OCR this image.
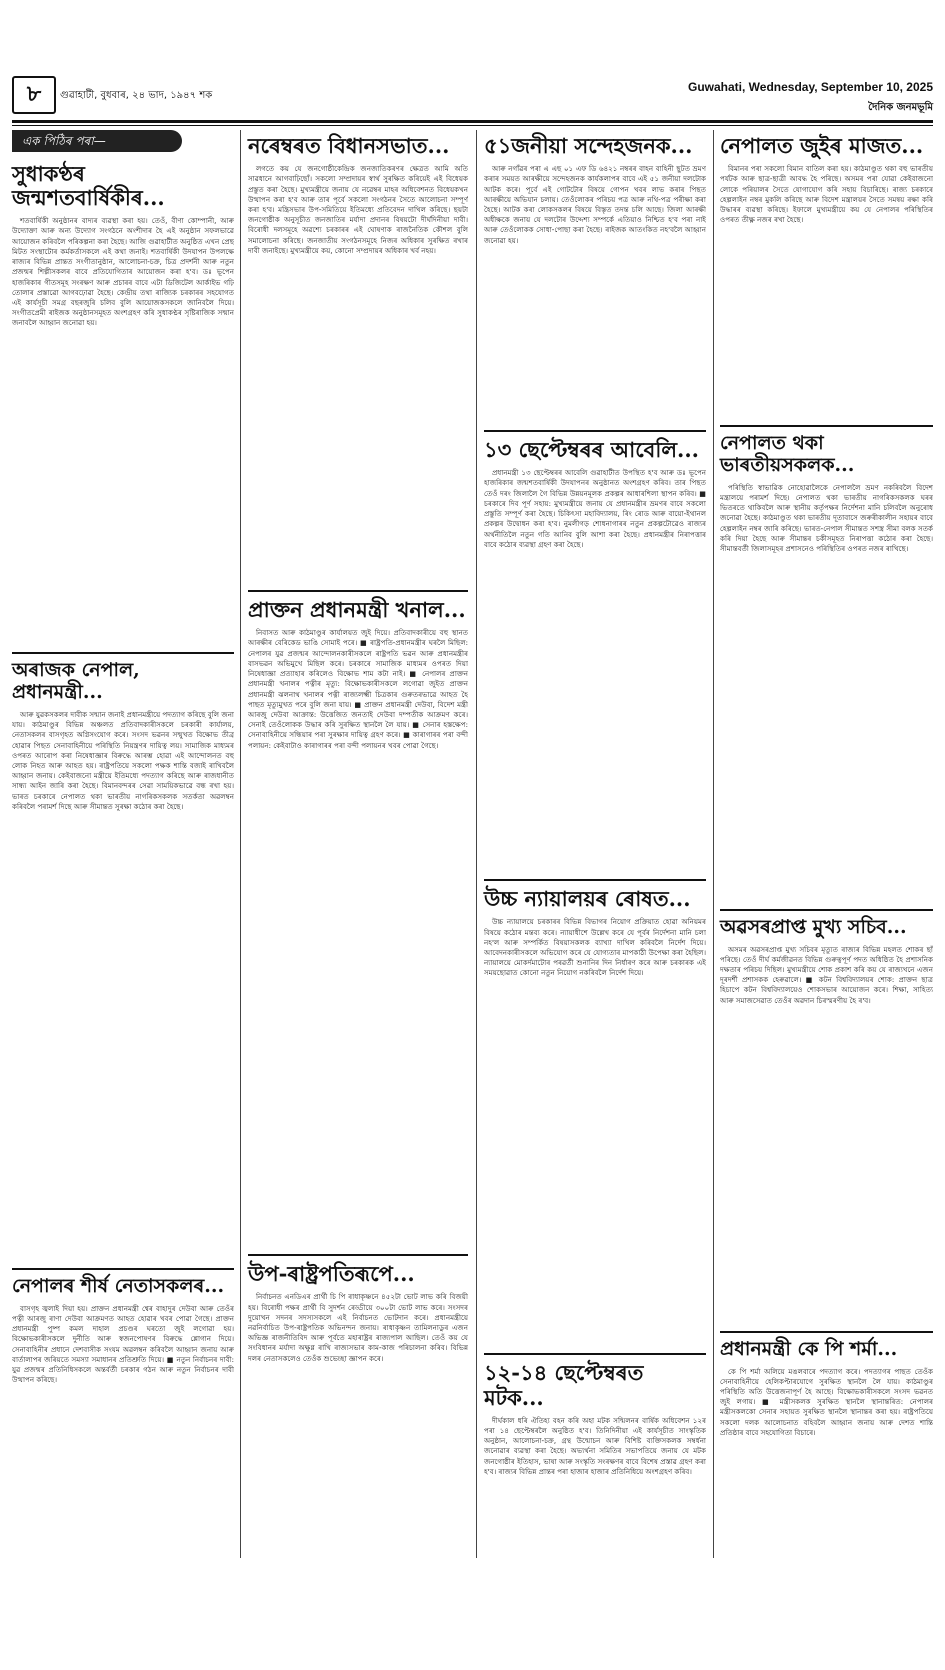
৮	গুৱাহাটী, বুধবাৰ, ২৪ ভাদ, ১৯৪৭ শক
Guwahati, Wednesday, September 10, 2025
দৈনিক জনমভূমি
এক পিঠিৰ পৰা—
সুধাকণ্ঠৰ জন্মশতবাৰ্ষিকীৰ...

শতবাৰ্ষিকী অনুষ্ঠানৰ বাদ্যৰ ব্যৱস্থা কৰা হয়। তেওঁ, বীণা কোম্পানী, আৰু উদ্যোক্তা আৰু অন্য উদ্যোগ সংগঠনে অংশীদাৰ হৈ এই অনুষ্ঠান সফলভাৱে আয়োজন কৰিবলৈ পৰিকল্পনা কৰা হৈছে। আজি গুৱাহাটীত অনুষ্ঠিত এখন প্ৰেছ মিটত সংস্থাটোৰ কৰ্মকৰ্তাসকলে এই কথা জনাই। শতবাৰ্ষিকী উদযাপন উপলক্ষে ৰাজ্যৰ বিভিন্ন প্ৰান্তত সংগীতানুষ্ঠান, আলোচনা-চক্ৰ, চিত্ৰ প্ৰদৰ্শনী আৰু নতুন প্ৰজন্মৰ শিল্পীসকলৰ বাবে প্ৰতিযোগিতাৰ আয়োজন কৰা হ'ব। ডঃ ভূপেন হাজৰিকাৰ গীতসমূহ সংৰক্ষণ আৰু প্ৰচাৰৰ বাবে এটা ডিজিটেল আৰ্কাইভ গঢ়ি তোলাৰ প্ৰস্তাৱো আগবঢ়োৱা হৈছে। কেন্দ্ৰীয় তথা ৰাজ্যিক চৰকাৰৰ সহযোগত এই কাৰ্যসূচী সমগ্ৰ বছৰজুৰি চলিব বুলি আয়োজকসকলে জানিবলৈ দিয়ে। সংগীতপ্ৰেমী ৰাইজক অনুষ্ঠানসমূহত অংশগ্ৰহণ কৰি সুধাকণ্ঠৰ সৃষ্টিৰাজিক সন্মান জনাবলৈ আহ্বান জনোৱা হয়।

অৰাজক নেপাল, প্ৰধানমন্ত্ৰী...

আৰু যুৱকসকলৰ দাবীক সন্মান জনাই প্ৰধানমন্ত্ৰীয়ে পদত্যাগ কৰিছে বুলি জনা যায়। কাঠমাণ্ডুৰ বিভিন্ন অঞ্চলত প্ৰতিবাদকাৰীসকলে চৰকাৰী কাৰ্যালয়, নেতাসকলৰ বাসগৃহত অগ্নিসংযোগ কৰে। সংসদ ভৱনৰ সন্মুখত বিক্ষোভ তীব্ৰ হোৱাৰ পিছত সেনাবাহিনীয়ে পৰিস্থিতি নিয়ন্ত্ৰণৰ দায়িত্ব লয়। সামাজিক মাধ্যমৰ ওপৰত আৰোপ কৰা নিষেধাজ্ঞাৰ বিৰুদ্ধে আৰম্ভ হোৱা এই আন্দোলনত বহু লোক নিহত আৰু আহত হয়। ৰাষ্ট্ৰপতিয়ে সকলো পক্ষক শান্তি বজাই ৰাখিবলৈ আহ্বান জনায়। কেইবাজনো মন্ত্ৰীয়ে ইতিমধ্যে পদত্যাগ কৰিছে আৰু ৰাজধানীত সান্ধ্য আইন জাৰি কৰা হৈছে। বিমানবন্দৰৰ সেৱা সাময়িকভাৱে বন্ধ ৰখা হয়। ভাৰত চৰকাৰে নেপালত থকা ভাৰতীয় নাগৰিকসকলক সতৰ্কতা অৱলম্বন কৰিবলৈ পৰামৰ্শ দিছে আৰু সীমান্তত সুৰক্ষা কঠোৰ কৰা হৈছে।

নেপালৰ শীৰ্ষ নেতাসকলৰ...

বাসগৃহ জ্বলাই দিয়া হয়। প্ৰাক্তন প্ৰধানমন্ত্ৰী শ্বেৰ বাহাদুৰ দেউবা আৰু তেওঁৰ পত্নী আৰজু ৰাণা দেউবা আক্ৰমণত আহত হোৱাৰ খবৰ পোৱা গৈছে। প্ৰাক্তন প্ৰধানমন্ত্ৰী পুষ্প কমল দাহাল প্ৰচণ্ডৰ ঘৰতো জুই লগোৱা হয়। বিক্ষোভকাৰীসকলে দুৰ্নীতি আৰু স্বজনপোষণৰ বিৰুদ্ধে শ্লোগান দিয়ে। সেনাবাহিনীৰ প্ৰধানে দেশবাসীক সংযম অৱলম্বন কৰিবলৈ আহ্বান জনায় আৰু বাৰ্তালাপৰ জৰিয়তে সমস্যা সমাধানৰ প্ৰতিশ্ৰুতি দিয়ে। ■ নতুন নিৰ্বাচনৰ দাবী: যুৱ প্ৰজন্মৰ প্ৰতিনিধিসকলে অন্তৰ্বৰ্তী চৰকাৰ গঠন আৰু নতুন নিৰ্বাচনৰ দাবী উত্থাপন কৰিছে।

নৰেম্বৰত বিধানসভাত...

লগতে কয় যে জনগোষ্ঠীকেন্দ্ৰিক জনজাতিকৰণৰ ক্ষেত্ৰত আমি অতি সাৱধানে আগবাঢ়িছোঁ। সকলো সম্প্ৰদায়ৰ স্বাৰ্থ সুৰক্ষিত কৰিয়েই এই বিধেয়ক প্ৰস্তুত কৰা হৈছে। মুখ্যমন্ত্ৰীয়ে জনায় যে নৱেম্বৰ মাহৰ অধিবেশনত বিধেয়কখন উত্থাপন কৰা হ'ব আৰু তাৰ পূৰ্বে সকলো সংগঠনৰ সৈতে আলোচনা সম্পূৰ্ণ কৰা হ'ব। মন্ত্ৰিসভাৰ উপ-সমিতিয়ে ইতিমধ্যে প্ৰতিবেদন দাখিল কৰিছে। ছয়টা জনগোষ্ঠীক অনুসূচীত জনজাতিৰ মৰ্যাদা প্ৰদানৰ বিষয়টো দীৰ্ঘদিনীয়া দাবী। বিৰোধী দলসমূহে অৱশ্যে চৰকাৰৰ এই ঘোষণাক ৰাজনৈতিক কৌশল বুলি সমালোচনা কৰিছে। জনজাতীয় সংগঠনসমূহে নিজৰ অধিকাৰ সুৰক্ষিত ৰখাৰ দাবী জনাইছে। মুখ্যমন্ত্ৰীয়ে কয়, কোনো সম্প্ৰদায়ৰ অধিকাৰ খৰ্ব নহয়।

প্ৰাক্তন প্ৰধানমন্ত্ৰী খনাল...

নিবাসত আৰু কাঠমাণ্ডুৰ কাৰ্যালয়ত জুই দিয়ে। প্ৰতিবাদকাৰীয়ে বহু স্থানত আৰক্ষীৰ বেৰিকেড ভাঙি সোমাই পৰে। ■ ৰাষ্ট্ৰপতি-প্ৰধানমন্ত্ৰীৰ ঘৰলৈ মিছিল: নেপালৰ যুৱ প্ৰজন্মৰ আন্দোলনকাৰীসকলে ৰাষ্ট্ৰপতি ভৱন আৰু প্ৰধানমন্ত্ৰীৰ বাসভৱন অভিমুখে মিছিল কৰে। চৰকাৰে সামাজিক মাধ্যমৰ ওপৰত দিয়া নিষেধাজ্ঞা প্ৰত্যাহাৰ কৰিলেও বিক্ষোভ শাম কটা নাই। ■ নেপালৰ প্ৰাক্তন প্ৰধানমন্ত্ৰী খনালৰ পত্নীৰ মৃত্যু: বিক্ষোভকাৰীসকলে লগোৱা জুইত প্ৰাক্তন প্ৰধানমন্ত্ৰী ঝলনাথ খনালৰ পত্নী ৰাজ্যলক্ষ্মী চিত্ৰকাৰ গুৰুতৰভাৱে আহত হৈ পাছত মৃত্যুমুখত পৰে বুলি জনা যায়। ■ প্ৰাক্তন প্ৰধানমন্ত্ৰী দেউবা, বিদেশ মন্ত্ৰী আৰজু দেউবা আক্ৰান্ত: উত্তেজিত জনতাই দেউবা দম্পতীক আক্ৰমণ কৰে। সেনাই তেওঁলোকক উদ্ধাৰ কৰি সুৰক্ষিত স্থানলৈ লৈ যায়। ■ সেনাৰ হস্তক্ষেপ: সেনাবাহিনীয়ে সন্ধিয়াৰ পৰা সুৰক্ষাৰ দায়িত্ব গ্ৰহণ কৰে। ■ কাৰাগাৰৰ পৰা বন্দী পলায়ন: কেইবাটাও কাৰাগাৰৰ পৰা বন্দী পলায়নৰ খবৰ পোৱা গৈছে।

উপ-ৰাষ্ট্ৰপতিৰূপে...

নিৰ্বাচনত এনডিএৰ প্ৰাৰ্থী চি পি ৰাধাকৃষ্ণনে ৪৫২টা ভোট লাভ কৰি বিজয়ী হয়। বিৰোধী পক্ষৰ প্ৰাৰ্থী বি সুদৰ্শন ৰেড্ডীয়ে ৩০০টা ভোট লাভ কৰে। সংসদৰ দুয়োখন সদনৰ সদস্যসকলে এই নিৰ্বাচনত ভোটদান কৰে। প্ৰধানমন্ত্ৰীয়ে নৱনিৰ্বাচিত উপ-ৰাষ্ট্ৰপতিক অভিনন্দন জনায়। ৰাধাকৃষ্ণন তামিলনাডুৰ এজন অভিজ্ঞ ৰাজনীতিবিদ আৰু পূৰ্বতে মহাৰাষ্ট্ৰৰ ৰাজ্যপাল আছিল। তেওঁ কয় যে সংবিধানৰ মৰ্যাদা অক্ষুণ্ণ ৰাখি ৰাজ্যসভাৰ কাম-কাজ পৰিচালনা কৰিব। বিভিন্ন দলৰ নেতাসকলেও তেওঁক শুভেচ্ছা জ্ঞাপন কৰে।

৫১জনীয়া সন্দেহজনক...

আৰু নগাঁৱৰ পৰা এ এছ ০১ এফ ডি ৬৪২১ নম্বৰৰ বাহন বাহিনী ছুটত ভ্ৰমণ কৰাৰ সময়ত আৰক্ষীয়ে সন্দেহজনক কাৰ্যকলাপৰ বাবে এই ৫১ জনীয়া দলটোক আটক কৰে। পূৰ্বে এই গোটটোৰ বিষয়ে গোপন খবৰ লাভ কৰাৰ পিছত আৰক্ষীয়ে অভিযান চলায়। তেওঁলোকৰ পৰিচয় পত্ৰ আৰু নথি-পত্ৰ পৰীক্ষা কৰা হৈছে। আটক কৰা লোকসকলৰ বিষয়ে বিস্তৃত তদন্ত চলি আছে। জিলা আৰক্ষী অধীক্ষকে জনায় যে দলটোৰ উদ্দেশ্য সম্পৰ্কে এতিয়াও নিশ্চিত হ'ব পৰা নাই আৰু তেওঁলোকক সোধা-পোছা কৰা হৈছে। ৰাইজক আতংকিত নহ'বলৈ আহ্বান জনোৱা হয়।

১৩ ছেপ্টেম্বৰৰ আবেলি...

প্ৰধানমন্ত্ৰী ১৩ ছেপ্টেম্বৰৰ আবেলি গুৱাহাটীত উপস্থিত হ'ব আৰু ডঃ ভূপেন হাজৰিকাৰ জন্মশতবাৰ্ষিকী উদযাপনৰ অনুষ্ঠানত অংশগ্ৰহণ কৰিব। তাৰ পিছত তেওঁ দৰং জিলালৈ গৈ বিভিন্ন উন্নয়নমূলক প্ৰকল্পৰ আধাৰশিলা স্থাপন কৰিব। ■ চৰকাৰে দিব পূৰ্ণ সহায়: মুখ্যমন্ত্ৰীয়ে জনায় যে প্ৰধানমন্ত্ৰীৰ ভ্ৰমণৰ বাবে সকলো প্ৰস্তুতি সম্পূৰ্ণ কৰা হৈছে। চিকিৎসা মহাবিদ্যালয়, ৰিং ৰোড আৰু বায়ো-ইথানল প্ৰকল্পৰ উদ্বোধন কৰা হ'ব। নুমলীগড় শোধনাগাৰৰ নতুন প্ৰকল্পটোৱেও ৰাজ্যৰ অৰ্থনীতিলৈ নতুন গতি আনিব বুলি আশা কৰা হৈছে। প্ৰধানমন্ত্ৰীৰ নিৰাপত্তাৰ বাবে কঠোৰ ব্যৱস্থা গ্ৰহণ কৰা হৈছে।

উচ্চ ন্যায়ালয়ৰ ৰোষত...

উচ্চ ন্যায়ালয়ে চৰকাৰৰ বিভিন্ন বিভাগৰ নিয়োগ প্ৰক্ৰিয়াত হোৱা অনিয়মৰ বিষয়ে কঠোৰ মন্তব্য কৰে। ন্যায়াধীশে উল্লেখ কৰে যে পূৰ্বৰ নিৰ্দেশনা মানি চলা নহ'ল আৰু সম্পৰ্কিত বিষয়াসকলক ব্যাখ্যা দাখিল কৰিবলৈ নিৰ্দেশ দিয়ে। আবেদনকাৰীসকলে অভিযোগ কৰে যে যোগ্যতাৰ মাপকাঠী উপেক্ষা কৰা হৈছিল। ন্যায়ালয়ে মোকৰ্দমাটোৰ পৰৱৰ্তী শুনানিৰ দিন নিৰ্ধাৰণ কৰে আৰু চৰকাৰক এই সময়ছোৱাত কোনো নতুন নিয়োগ নকৰিবলৈ নিৰ্দেশ দিয়ে।

১২-১৪ ছেপ্টেম্বৰত মটক...

দীৰ্ঘকাল ধৰি ঐতিহ্য বহন কৰি অহা মটক সন্মিলনৰ বাৰ্ষিক অধিবেশন ১২ৰ পৰা ১৪ ছেপ্টেম্বৰলৈ অনুষ্ঠিত হ'ব। তিনিদিনীয়া এই কাৰ্যসূচীত সাংস্কৃতিক অনুষ্ঠান, আলোচনা-চক্ৰ, গ্ৰন্থ উন্মোচন আৰু বিশিষ্ট ব্যক্তিসকলক সম্বৰ্ধনা জনোৱাৰ ব্যৱস্থা কৰা হৈছে। অভ্যৰ্থনা সমিতিৰ সভাপতিয়ে জনায় যে মটক জনগোষ্ঠীৰ ইতিহাস, ভাষা আৰু সংস্কৃতি সংৰক্ষণৰ বাবে বিশেষ প্ৰস্তাৱ গ্ৰহণ কৰা হ'ব। ৰাজ্যৰ বিভিন্ন প্ৰান্তৰ পৰা হাজাৰ হাজাৰ প্ৰতিনিধিয়ে অংশগ্ৰহণ কৰিব।

নেপালত জুইৰ মাজত...

বিমানৰ পৰা সকলো বিমান বাতিল কৰা হয়। কাঠমাণ্ডুত থকা বহু ভাৰতীয় পৰ্যটক আৰু ছাত্ৰ-ছাত্ৰী আবদ্ধ হৈ পৰিছে। অসমৰ পৰা যোৱা কেইবাজনো লোকে পৰিয়ালৰ সৈতে যোগাযোগ কৰি সহায় বিচাৰিছে। ৰাজ্য চৰকাৰে হেল্পলাইন নম্বৰ মুকলি কৰিছে আৰু বিদেশ মন্ত্ৰালয়ৰ সৈতে সমন্বয় ৰক্ষা কৰি উদ্ধাৰৰ ব্যৱস্থা কৰিছে। ইফালে মুখ্যমন্ত্ৰীয়ে কয় যে নেপালৰ পৰিস্থিতিৰ ওপৰত তীক্ষ্ণ নজৰ ৰখা হৈছে।

নেপালত থকা ভাৰতীয়সকলক...

পৰিস্থিতি স্বাভাৱিক নোহোৱালৈকে নেপাললৈ ভ্ৰমণ নকৰিবলৈ বিদেশ মন্ত্ৰালয়ে পৰামৰ্শ দিছে। নেপালত থকা ভাৰতীয় নাগৰিকসকলক ঘৰৰ ভিতৰতে থাকিবলৈ আৰু স্থানীয় কৰ্তৃপক্ষৰ নিৰ্দেশনা মানি চলিবলৈ অনুৰোধ জনোৱা হৈছে। কাঠমাণ্ডুত থকা ভাৰতীয় দূতাবাসে জৰুৰীকালীন সহায়ৰ বাবে হেল্পলাইন নম্বৰ জাৰি কৰিছে। ভাৰত-নেপাল সীমান্তত সশস্ত্ৰ সীমা বলক সতৰ্ক কৰি দিয়া হৈছে আৰু সীমান্তৰ চকীসমূহত নিৰাপত্তা কঠোৰ কৰা হৈছে। সীমান্তবৰ্তী জিলাসমূহৰ প্ৰশাসনেও পৰিস্থিতিৰ ওপৰত নজৰ ৰাখিছে।

অৱসৰপ্ৰাপ্ত মুখ্য সচিব...

অসমৰ অৱসৰপ্ৰাপ্ত মুখ্য সচিবৰ মৃত্যুত ৰাজ্যৰ বিভিন্ন মহলত শোকৰ ছাঁ পৰিছে। তেওঁ দীৰ্ঘ কৰ্মজীৱনত বিভিন্ন গুৰুত্বপূৰ্ণ পদত অধিষ্ঠিত হৈ প্ৰশাসনিক দক্ষতাৰ পৰিচয় দিছিল। মুখ্যমন্ত্ৰীয়ে শোক প্ৰকাশ কৰি কয় যে ৰাজ্যখনে এজন দূৰদৰ্শী প্ৰশাসকক হেৰুৱালে। ■ কটন বিশ্ববিদ্যালয়ৰ শোক: প্ৰাক্তন ছাত্ৰ হিচাপে কটন বিশ্ববিদ্যালয়েও শোকসভাৰ আয়োজন কৰে। শিক্ষা, সাহিত্য আৰু সমাজসেৱাত তেওঁৰ অৱদান চিৰস্মৰণীয় হৈ ৰ'ব।

প্ৰধানমন্ত্ৰী কে পি শৰ্মা...

কে পি শৰ্মা অলিয়ে মঙলবাৰে পদত্যাগ কৰে। পদত্যাগৰ পাছত তেওঁক সেনাবাহিনীয়ে হেলিকপ্টাৰযোগে সুৰক্ষিত স্থানলৈ লৈ যায়। কাঠমাণ্ডুৰ পৰিস্থিতি অতি উত্তেজনাপূৰ্ণ হৈ আছে। বিক্ষোভকাৰীসকলে সংসদ ভৱনত জুই লগায়। ■ মন্ত্ৰীসকলক সুৰক্ষিত স্থানলৈ স্থানান্তৰিত: নেপালৰ মন্ত্ৰীসকলকো সেনাৰ সহায়ত সুৰক্ষিত স্থানলৈ স্থানান্তৰ কৰা হয়। ৰাষ্ট্ৰপতিয়ে সকলো দলক আলোচনাত বহিবলৈ আহ্বান জনায় আৰু দেশত শান্তি প্ৰতিষ্ঠাৰ বাবে সহযোগিতা বিচাৰে।
